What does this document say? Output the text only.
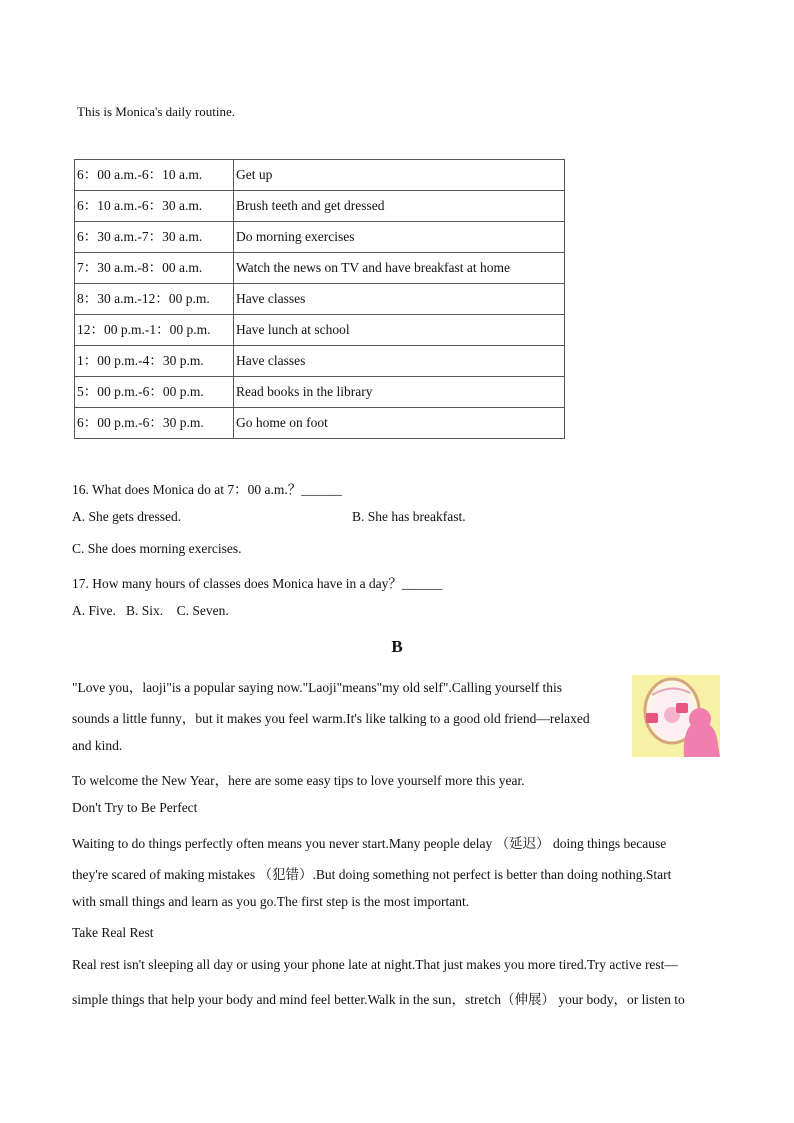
This is Monica's daily routine.
6：00 a.m.-6：10 a.m.	Get up
6：10 a.m.-6：30 a.m.	Brush teeth and get dressed
6：30 a.m.-7：30 a.m.	Do morning exercises
7：30 a.m.-8：00 a.m.	Watch the news on TV and have breakfast at home
8：30 a.m.-12：00 p.m.	Have classes
12：00 p.m.-1：00 p.m.	Have lunch at school
1：00 p.m.-4：30 p.m.	Have classes
5：00 p.m.-6：00 p.m.	Read books in the library
6：00 p.m.-6：30 p.m.	Go home on foot
16. What does Monica do at 7：00 a.m.？______
A. She gets dressed.	B. She has breakfast.
C. She does morning exercises.
17. How many hours of classes does Monica have in a day？______
A. Five.   B. Six.    C. Seven.
B
"Love you，laoji"is a popular saying now."Laoji"means"my old self".Calling yourself this
sounds a little funny，but it makes you feel warm.It's like talking to a good old friend—relaxed
and kind.
To welcome the New Year，here are some easy tips to love yourself more this year.
Don't Try to Be Perfect
Waiting to do things perfectly often means you never start.Many people delay （延迟） doing things because
they're scared of making mistakes （犯错）.But doing something not perfect is better than doing nothing.Start
with small things and learn as you go.The first step is the most important.
Take Real Rest
Real rest isn't sleeping all day or using your phone late at night.That just makes you more tired.Try active rest—
simple things that help your body and mind feel better.Walk in the sun，stretch（伸展） your body，or listen to
